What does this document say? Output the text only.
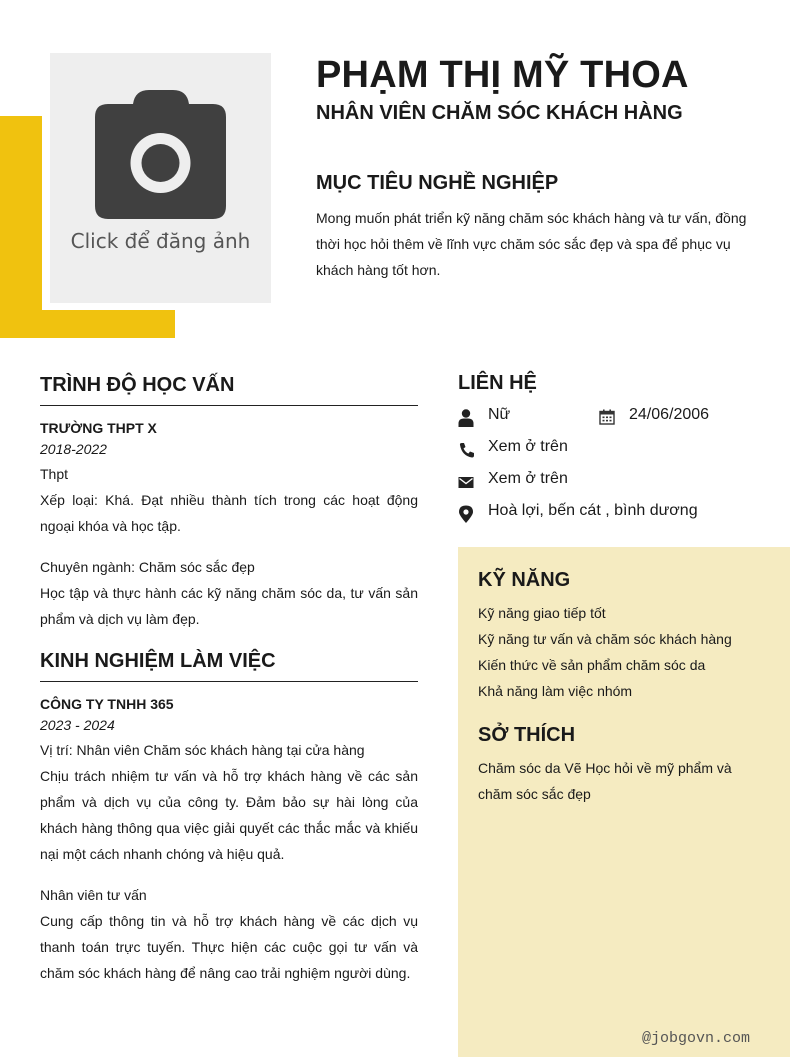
Click để đăng ảnh
PHẠM THỊ MỸ THOA
NHÂN VIÊN CHĂM SÓC KHÁCH HÀNG
MỤC TIÊU NGHỀ NGHIỆP

Mong muốn phát triển kỹ năng chăm sóc khách hàng và tư vấn, đồng thời học hỏi thêm về lĩnh vực chăm sóc sắc đẹp và spa để phục vụ khách hàng tốt hơn.

TRÌNH ĐỘ HỌC VẤN
TRƯỜNG THPT X
2018-2022
Thpt
Xếp loại: Khá. Đạt nhiều thành tích trong các hoạt động ngoại khóa và học tập.
Chuyên ngành: Chăm sóc sắc đẹp
Học tập và thực hành các kỹ năng chăm sóc da, tư vấn sản phẩm và dịch vụ làm đẹp.
KINH NGHIỆM LÀM VIỆC
CÔNG TY TNHH 365
2023 - 2024
Vị trí: Nhân viên Chăm sóc khách hàng tại cửa hàng
Chịu trách nhiệm tư vấn và hỗ trợ khách hàng về các sản phẩm và dịch vụ của công ty. Đảm bảo sự hài lòng của khách hàng thông qua việc giải quyết các thắc mắc và khiếu nại một cách nhanh chóng và hiệu quả.
Nhân viên tư vấn
Cung cấp thông tin và hỗ trợ khách hàng về các dịch vụ thanh toán trực tuyến. Thực hiện các cuộc gọi tư vấn và chăm sóc khách hàng để nâng cao trải nghiệm người dùng.
LIÊN HỆ
Nữ	24/06/2006
Xem ở trên
Xem ở trên
Hoà lợi, bến cát , bình dương
KỸ NĂNG
Kỹ năng giao tiếp tốt
Kỹ năng tư vấn và chăm sóc khách hàng
Kiến thức về sản phẩm chăm sóc da
Khả năng làm việc nhóm
SỞ THÍCH
Chăm sóc da Vẽ Học hỏi về mỹ phẩm và chăm sóc sắc đẹp
@jobgovn.com
